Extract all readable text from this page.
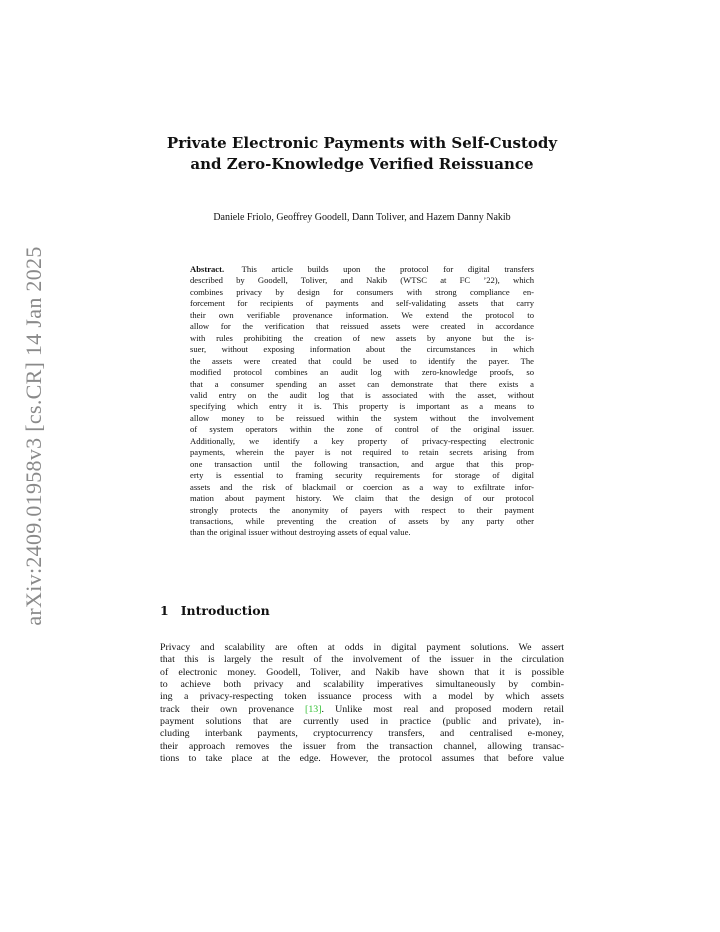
arXiv:2409.01958v3 [cs.CR] 14 Jan 2025
Private Electronic Payments with Self-Custody
and Zero-Knowledge Verified Reissuance
Daniele Friolo, Geoffrey Goodell, Dann Toliver, and Hazem Danny Nakib
Abstract. This article builds upon the protocol for digital transfers
described by Goodell, Toliver, and Nakib (WTSC at FC ’22), which
combines privacy by design for consumers with strong compliance en-
forcement for recipients of payments and self-validating assets that carry
their own verifiable provenance information. We extend the protocol to
allow for the verification that reissued assets were created in accordance
with rules prohibiting the creation of new assets by anyone but the is-
suer, without exposing information about the circumstances in which
the assets were created that could be used to identify the payer. The
modified protocol combines an audit log with zero-knowledge proofs, so
that a consumer spending an asset can demonstrate that there exists a
valid entry on the audit log that is associated with the asset, without
specifying which entry it is. This property is important as a means to
allow money to be reissued within the system without the involvement
of system operators within the zone of control of the original issuer.
Additionally, we identify a key property of privacy-respecting electronic
payments, wherein the payer is not required to retain secrets arising from
one transaction until the following transaction, and argue that this prop-
erty is essential to framing security requirements for storage of digital
assets and the risk of blackmail or coercion as a way to exfiltrate infor-
mation about payment history. We claim that the design of our protocol
strongly protects the anonymity of payers with respect to their payment
transactions, while preventing the creation of assets by any party other
than the original issuer without destroying assets of equal value.
1 Introduction
Privacy and scalability are often at odds in digital payment solutions. We assert
that this is largely the result of the involvement of the issuer in the circulation
of electronic money. Goodell, Toliver, and Nakib have shown that it is possible
to achieve both privacy and scalability imperatives simultaneously by combin-
ing a privacy-respecting token issuance process with a model by which assets
track their own provenance [13]. Unlike most real and proposed modern retail
payment solutions that are currently used in practice (public and private), in-
cluding interbank payments, cryptocurrency transfers, and centralised e-money,
their approach removes the issuer from the transaction channel, allowing transac-
tions to take place at the edge. However, the protocol assumes that before value
